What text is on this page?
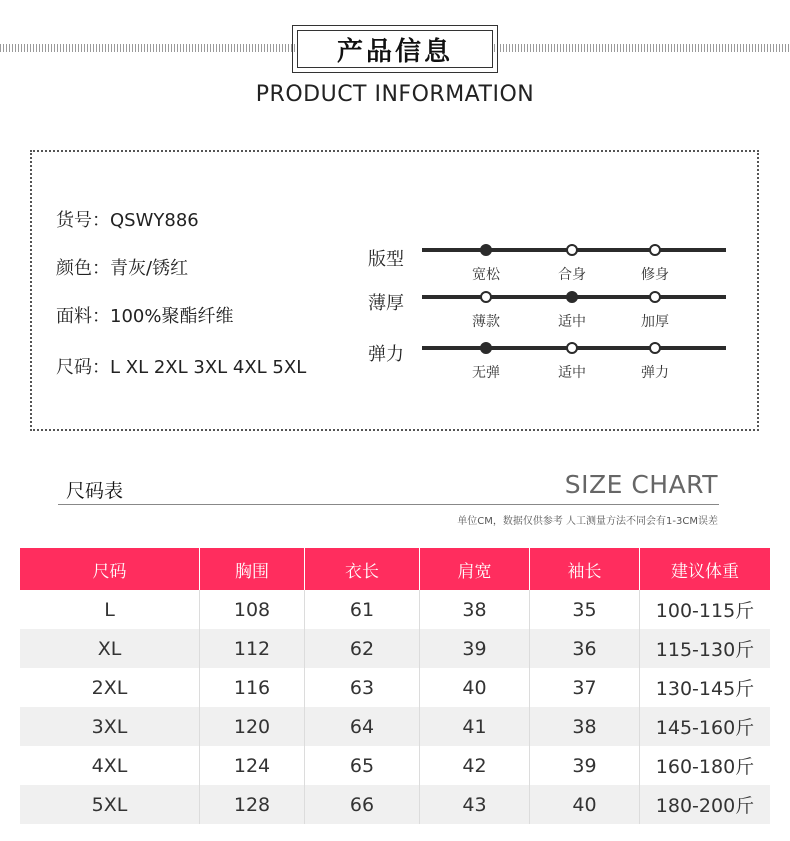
产品信息
PRODUCT INFORMATION
货号：QSWY886
颜色：青灰/锈红
面料：100%聚酯纤维
尺码：L XL 2XL 3XL 4XL 5XL
版型
宽松	合身	修身
薄厚
薄款	适中	加厚
弹力
无弹	适中	弹力
尺码表	SIZE CHART
单位CM，数据仅供参考 人工测量方法不同会有1-3CM误差
尺码	胸围	衣长	肩宽	袖长	建议体重
L	108	61	38	35	100-115斤
XL	112	62	39	36	115-130斤
2XL	116	63	40	37	130-145斤
3XL	120	64	41	38	145-160斤
4XL	124	65	42	39	160-180斤
5XL	128	66	43	40	180-200斤
